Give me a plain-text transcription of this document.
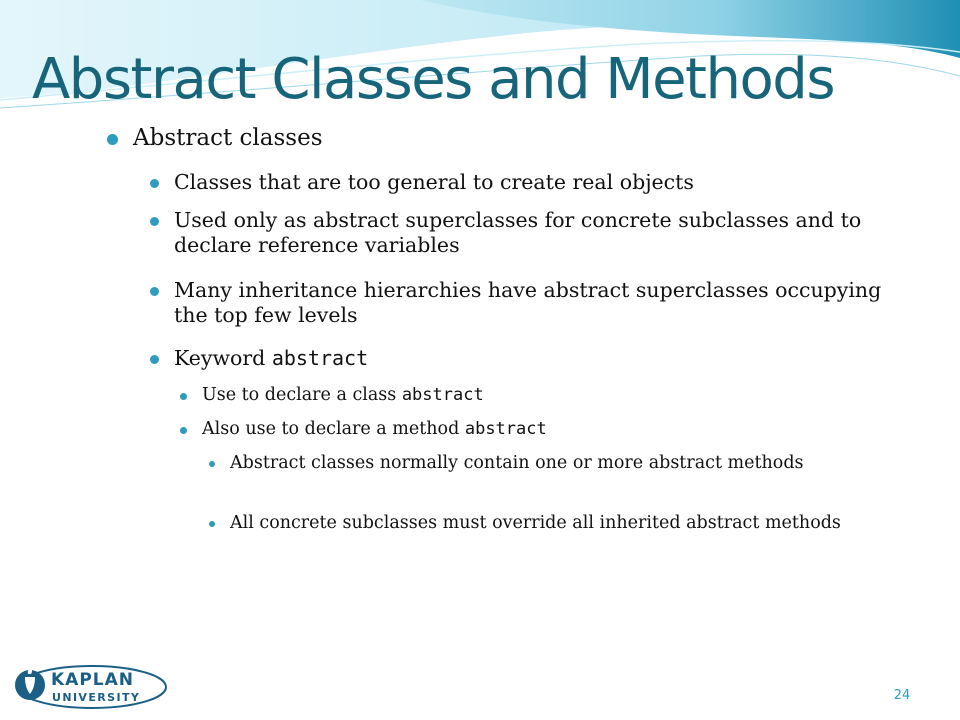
Abstract Classes and Methods
Abstract classes
Classes that are too general to create real objects
Used only as abstract superclasses for concrete subclasses and to declare reference variables
Many inheritance hierarchies have abstract superclasses occupying the top few levels
Keyword abstract
Use to declare a class abstract
Also use to declare a method abstract
Abstract classes normally contain one or more abstract methods
All concrete subclasses must override all inherited abstract methods
KAPLAN
UNIVERSITY	24
